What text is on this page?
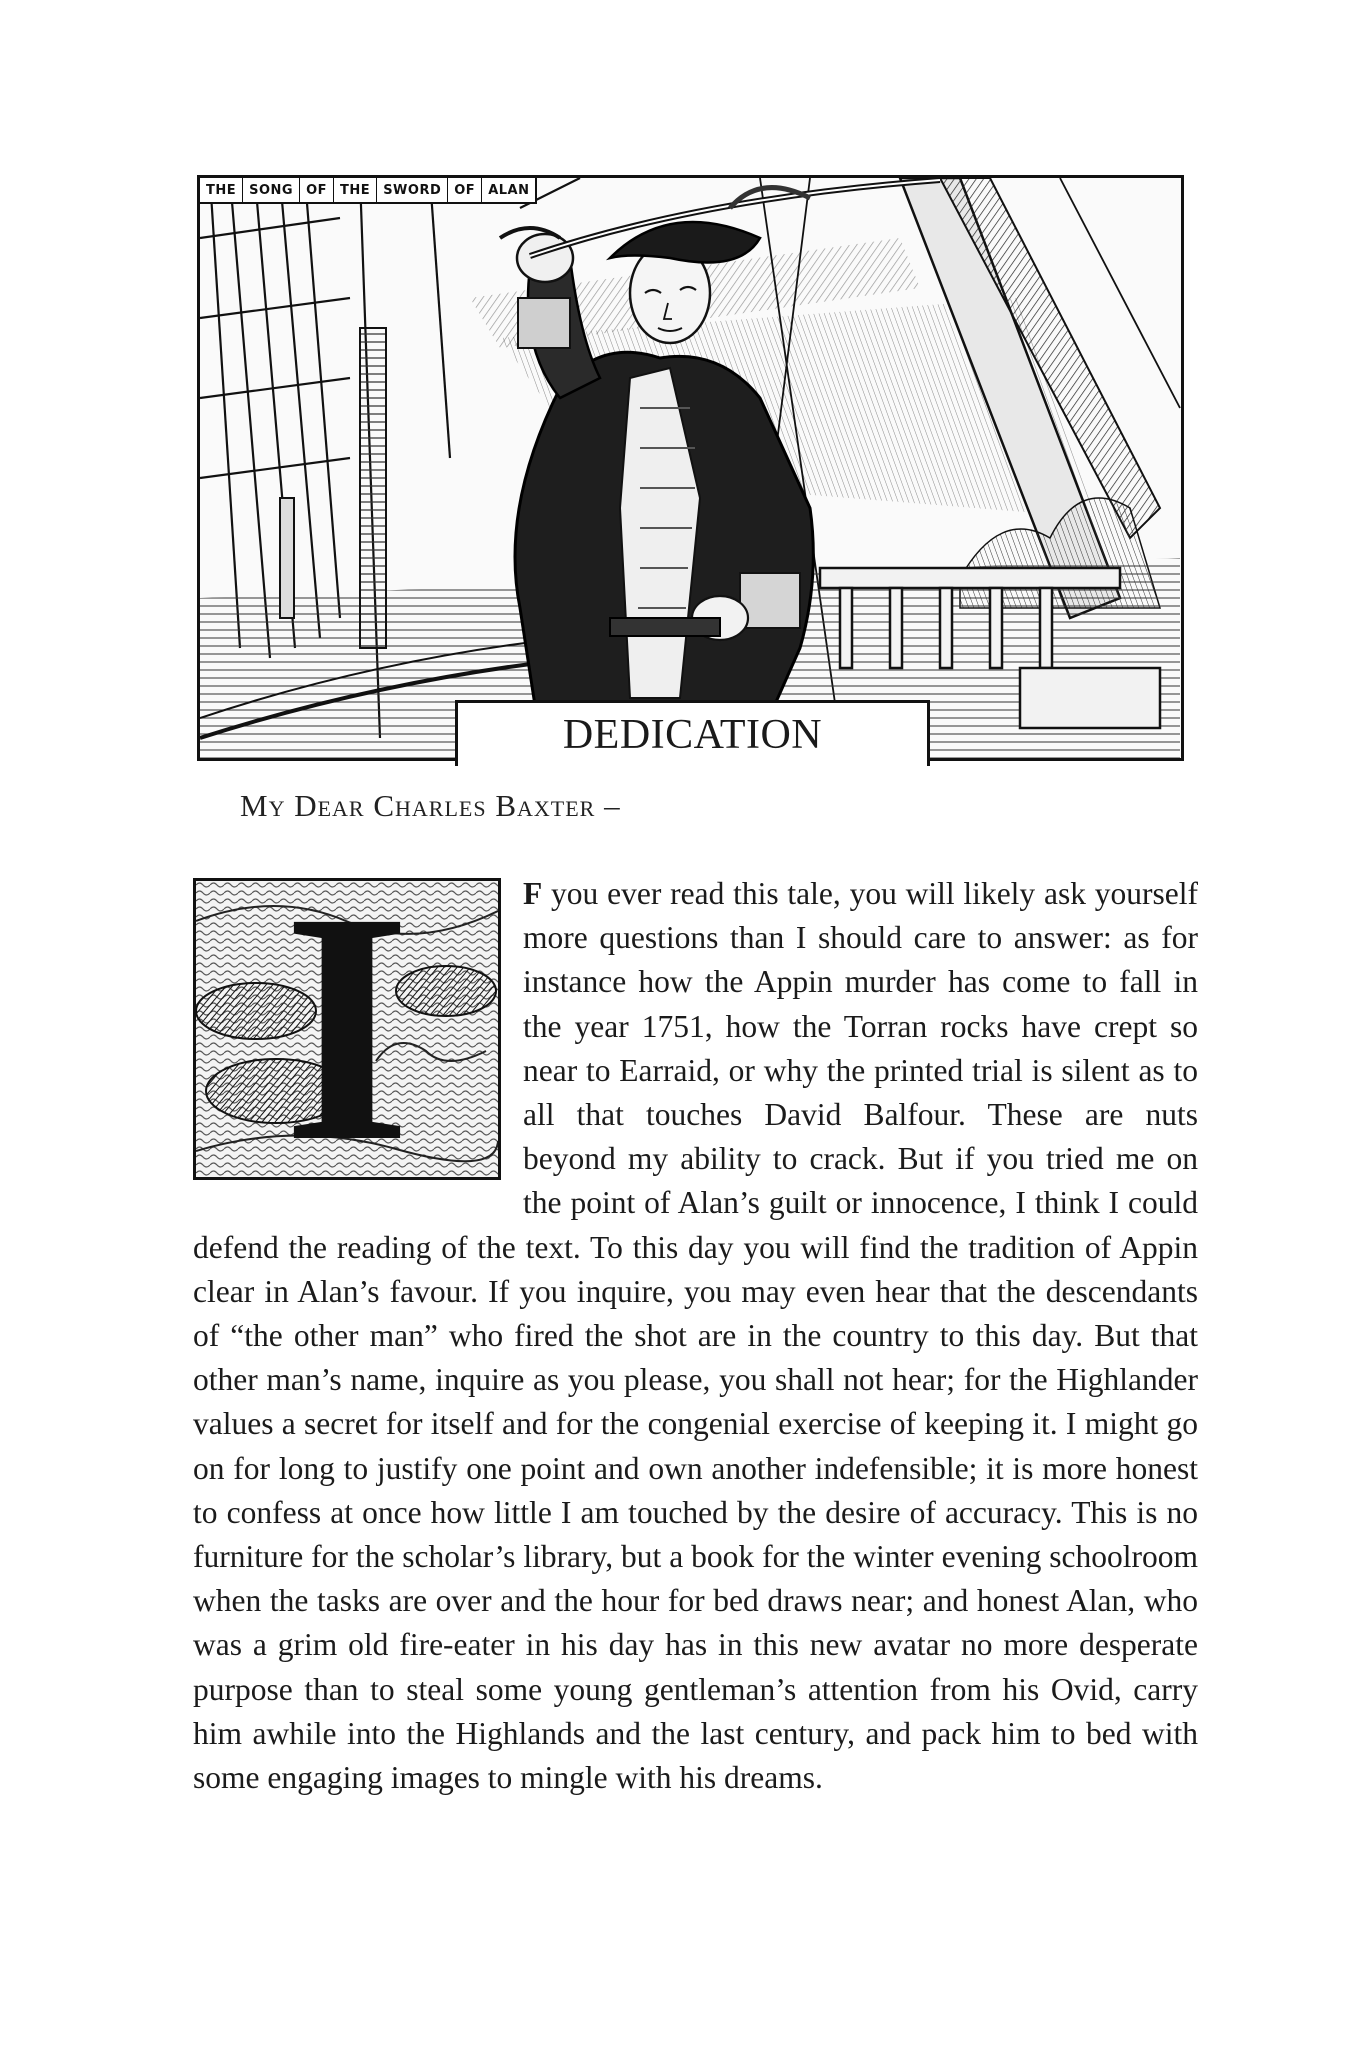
THE	SONG	OF	THE	SWORD	OF	ALAN
DEDICATION
My Dear Charles Baxter –
I	F you ever read this tale, you will likely ask yourself more questions than I should care to answer: as for instance how the Appin murder has come to fall in the year 1751, how the Torran rocks have crept so near to Earraid, or why the printed trial is silent as to all that touches David Balfour. These are nuts beyond my ability to crack. But if you tried me on the point of Alan’s guilt or innocence, I think I could defend the reading of the text. To this day you will find the tradition of Appin clear in Alan’s favour. If you inquire, you may even hear that the descendants of “the other man” who fired the shot are in the country to this day. But that other man’s name, inquire as you please, you shall not hear; for the Highlander values a secret for itself and for the congenial exercise of keeping it. I might go on for long to justify one point and own another indefensible; it is more honest to confess at once how little I am touched by the desire of accuracy. This is no furniture for the scholar’s library, but a book for the winter evening schoolroom when the tasks are over and the hour for bed draws near; and honest Alan, who was a grim old fire-eater in his day has in this new avatar no more desperate purpose than to steal some young gentleman’s attention from his Ovid, carry him awhile into the Highlands and the last century, and pack him to bed with some engaging images to mingle with his dreams.
